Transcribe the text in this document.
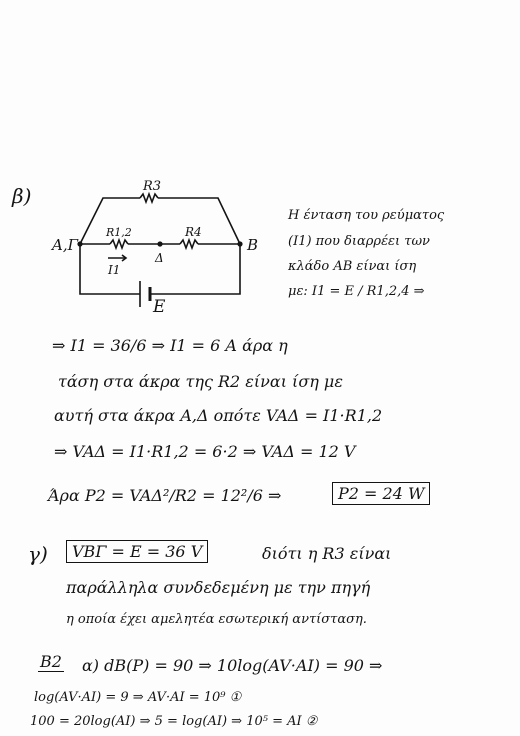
β)	R3
R1,2	R4
A,Γ
Δ
B
I1
E
Η ένταση του ρεύματος
(I1) που διαρρέει των
κλάδο AB είναι ίση
με: I1 = E / R1,2,4 ⇒
⇒ I1 = 36/6 ⇒ I1 = 6 A άρα η
τάση στα άκρα της R2 είναι ίση με
αυτή στα άκρα A,Δ οπότε VAΔ = I1·R1,2
⇒ VAΔ = I1·R1,2 = 6·2 ⇒ VAΔ = 12 V
Άρα P2 = VAΔ²/R2 = 12²/6 ⇒	P2 = 24 W
γ)	VBΓ = E = 36 V	διότι η R3 είναι
παράλληλα συνδεδεμένη με την πηγή
η οποία έχει αμελητέα εσωτερική αντίσταση.
B2 α) dB(P) = 90 ⇒ 10log(AV·AI) = 90 ⇒
log(AV·AI) = 9 ⇒ AV·AI = 10⁹ ①
100 = 20log(AI) ⇒ 5 = log(AI) ⇒ 10⁵ = AI ②
